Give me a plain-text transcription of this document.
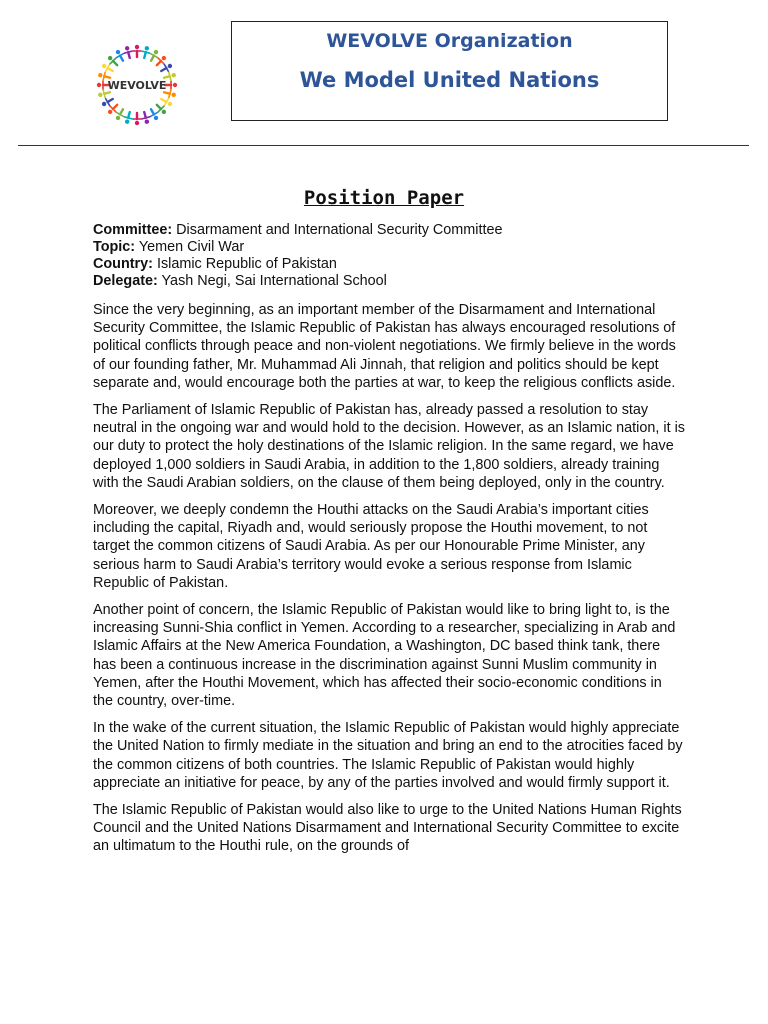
WEVOLVE
WEVOLVE Organization
We Model United Nations
Position Paper
Committee: Disarmament and International Security Committee
Topic: Yemen Civil War
Country: Islamic Republic of Pakistan
Delegate: Yash Negi, Sai International School

Since the very beginning, as an important member of the Disarmament and International Security Committee, the Islamic Republic of Pakistan has always encouraged resolutions of political conflicts through peace and non-violent negotiations. We firmly believe in the words of our founding father, Mr. Muhammad Ali Jinnah, that religion and politics should be kept separate and, would encourage both the parties at war, to keep the religious conflicts aside.

The Parliament of Islamic Republic of Pakistan has, already passed a resolution to stay neutral in the ongoing war and would hold to the decision. However, as an Islamic nation, it is our duty to protect the holy destinations of the Islamic religion. In the same regard, we have deployed 1,000 soldiers in Saudi Arabia, in addition to the 1,800 soldiers, already training with the Saudi Arabian soldiers, on the clause of them being deployed, only in the country.

Moreover, we deeply condemn the Houthi attacks on the Saudi Arabia’s important cities including the capital, Riyadh and, would seriously propose the Houthi movement, to not target the common citizens of Saudi Arabia. As per our Honourable Prime Minister, any serious harm to Saudi Arabia’s territory would evoke a serious response from Islamic Republic of Pakistan.

Another point of concern, the Islamic Republic of Pakistan would like to bring light to, is the increasing Sunni-Shia conflict in Yemen. According to a researcher, specializing in Arab and Islamic Affairs at the New America Foundation, a Washington, DC based think tank, there has been a continuous increase in the discrimination against Sunni Muslim community in Yemen, after the Houthi Movement, which has affected their socio-economic conditions in the country, over-time.

In the wake of the current situation, the Islamic Republic of Pakistan would highly appreciate the United Nation to firmly mediate in the situation and bring an end to the atrocities faced by the common citizens of both countries. The Islamic Republic of Pakistan would highly appreciate an initiative for peace, by any of the parties involved and would firmly support it.

The Islamic Republic of Pakistan would also like to urge to the United Nations Human Rights Council and the United Nations Disarmament and International Security Committee to excite an ultimatum to the Houthi rule, on the grounds of
